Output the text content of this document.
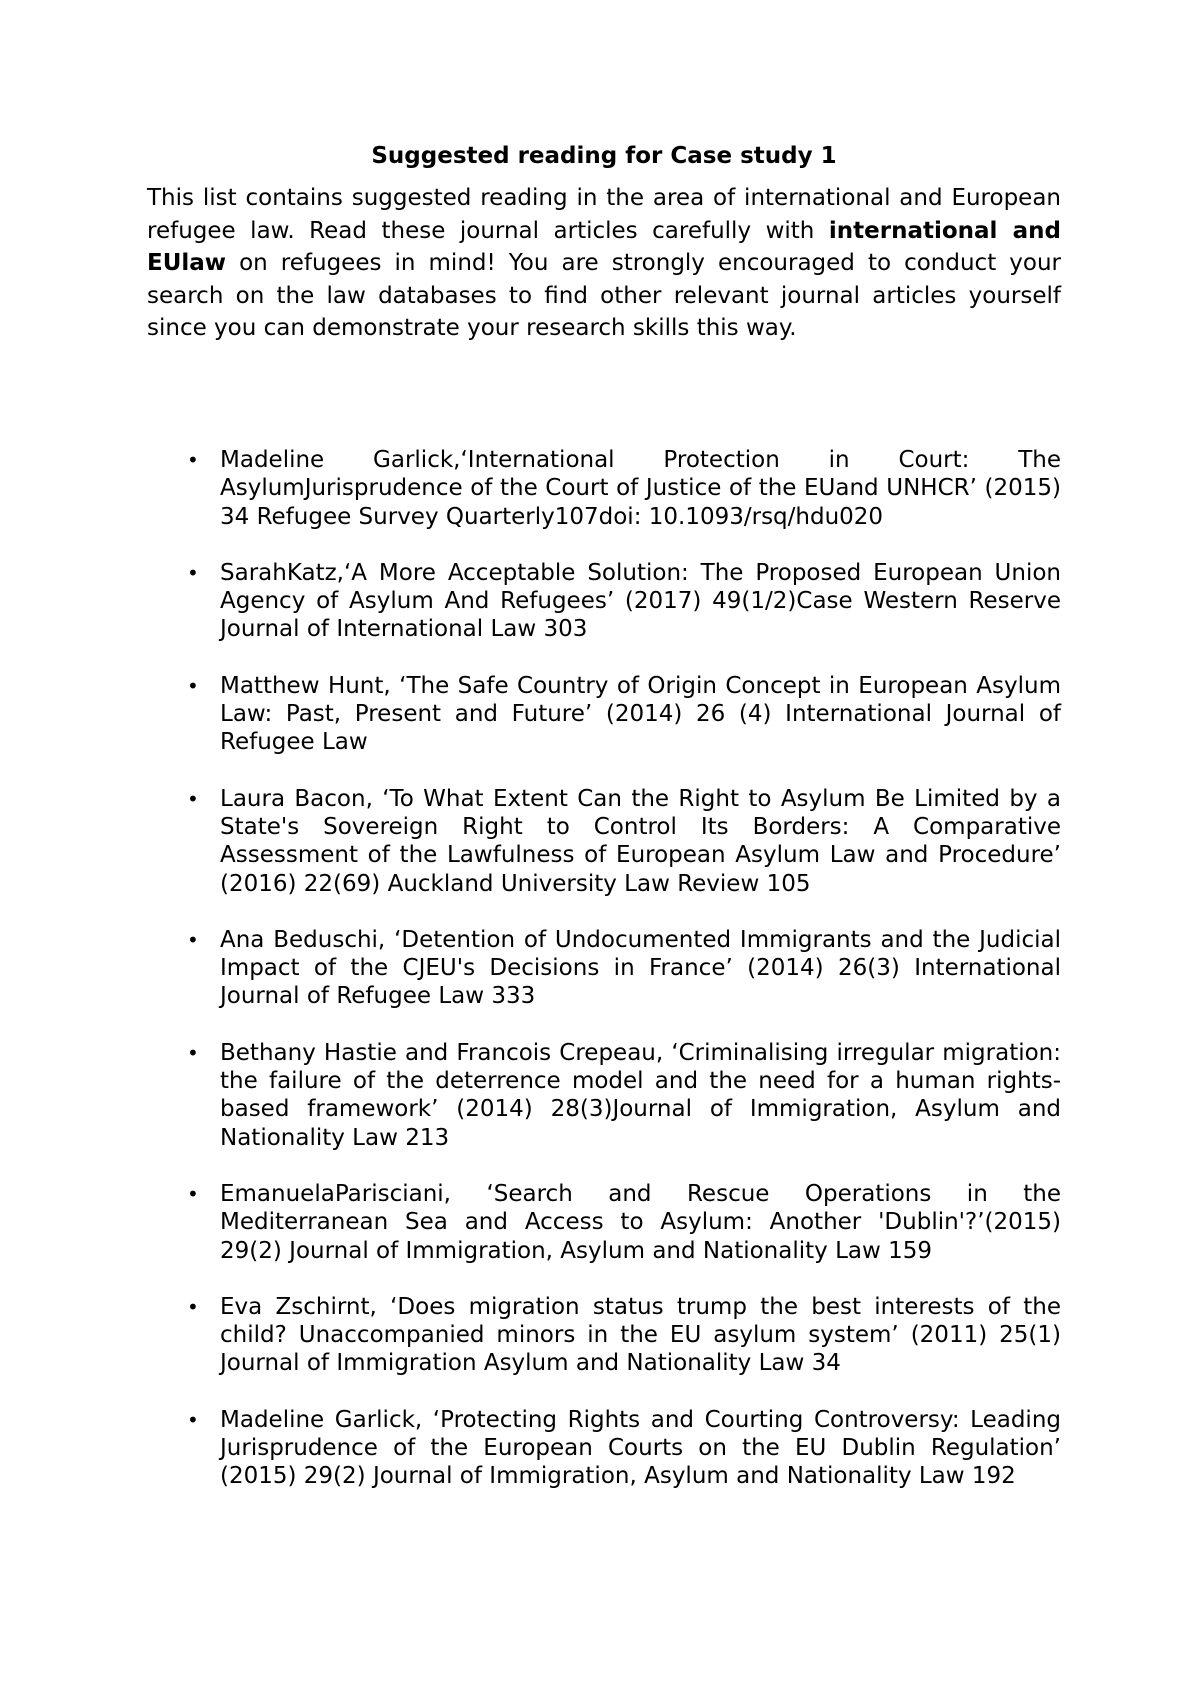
Suggested reading for Case study 1

This list contains suggested reading in the area of international and European refugee law. Read these journal articles carefully with international and EUlaw on refugees in mind! You are strongly encouraged to conduct your search on the law databases to find other relevant journal articles yourself since you can demonstrate your research skills this way.

• Madeline Garlick,‘International Protection in Court: The AsylumJurisprudence of the Court of Justice of the EUand UNHCR’ (2015) 34 Refugee Survey Quarterly107doi: 10.1093/rsq/hdu020
• SarahKatz,‘A More Acceptable Solution: The Proposed European Union Agency of Asylum And Refugees’ (2017) 49(1/2)Case Western Reserve Journal of International Law 303
• Matthew Hunt, ‘The Safe Country of Origin Concept in European Asylum Law: Past, Present and Future’ (2014) 26 (4) International Journal of Refugee Law
• Laura Bacon, ‘To What Extent Can the Right to Asylum Be Limited by a State's Sovereign Right to Control Its Borders: A Comparative Assessment of the Lawfulness of European Asylum Law and Procedure’ (2016) 22(69) Auckland University Law Review 105
• Ana Beduschi, ‘Detention of Undocumented Immigrants and the Judicial Impact of the CJEU's Decisions in France’ (2014) 26(3) International Journal of Refugee Law 333
• Bethany Hastie and Francois Crepeau, ‘Criminalising irregular migration: the failure of the deterrence model and the need for a human rights-based framework’ (2014) 28(3)Journal of Immigration, Asylum and Nationality Law 213
• EmanuelaParisciani, ‘Search and Rescue Operations in the Mediterranean Sea and Access to Asylum: Another 'Dublin'?’(2015) 29(2) Journal of Immigration, Asylum and Nationality Law 159
• Eva Zschirnt, ‘Does migration status trump the best interests of the child? Unaccompanied minors in the EU asylum system’ (2011) 25(1) Journal of Immigration Asylum and Nationality Law 34
• Madeline Garlick, ‘Protecting Rights and Courting Controversy: Leading Jurisprudence of the European Courts on the EU Dublin Regulation’ (2015) 29(2) Journal of Immigration, Asylum and Nationality Law 192
